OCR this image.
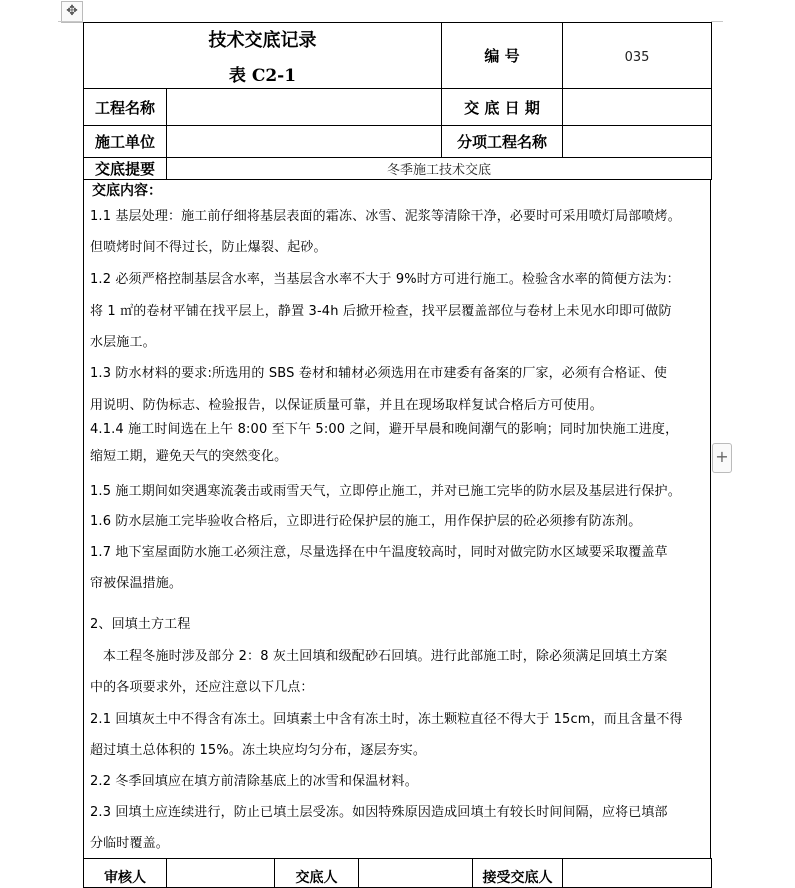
✥
+
技术交底记录
表 C2-1		编 号	035
工程名称		交 底 日 期	
施工单位		分项工程名称	
交底提要	冬季施工技术交底		
交底内容：
1.1 基层处理：施工前仔细将基层表面的霜冻、冰雪、泥浆等清除干净，必要时可采用喷灯局部喷烤。
但喷烤时间不得过长，防止爆裂、起砂。
1.2 必须严格控制基层含水率，当基层含水率不大于 9%时方可进行施工。检验含水率的简便方法为：
将 1 ㎡的卷材平铺在找平层上，静置 3-4h 后掀开检查，找平层覆盖部位与卷材上未见水印即可做防
水层施工。
1.3 防水材料的要求:所选用的 SBS 卷材和辅材必须选用在市建委有备案的厂家，必须有合格证、使
用说明、防伪标志、检验报告，以保证质量可靠，并且在现场取样复试合格后方可使用。
4.1.4 施工时间选在上午 8:00 至下午 5:00 之间，避开早晨和晚间潮气的影响；同时加快施工进度，
缩短工期，避免天气的突然变化。
1.5 施工期间如突遇寒流袭击或雨雪天气，立即停止施工，并对已施工完毕的防水层及基层进行保护。
1.6 防水层施工完毕验收合格后，立即进行砼保护层的施工，用作保护层的砼必须掺有防冻剂。
1.7 地下室屋面防水施工必须注意，尽量选择在中午温度较高时，同时对做完防水区域要采取覆盖草
帘被保温措施。
2、回填土方工程
本工程冬施时涉及部分 2：8 灰土回填和级配砂石回填。进行此部施工时，除必须满足回填土方案
中的各项要求外，还应注意以下几点：
2.1 回填灰土中不得含有冻土。回填素土中含有冻土时，冻土颗粒直径不得大于 15cm，而且含量不得
超过填土总体积的 15%。冻土块应均匀分布，逐层夯实。
2.2 冬季回填应在填方前清除基底上的冰雪和保温材料。
2.3 回填土应连续进行，防止已填土层受冻。如因特殊原因造成回填土有较长时间间隔，应将已填部
分临时覆盖。
审核人		交底人		接受交底人
